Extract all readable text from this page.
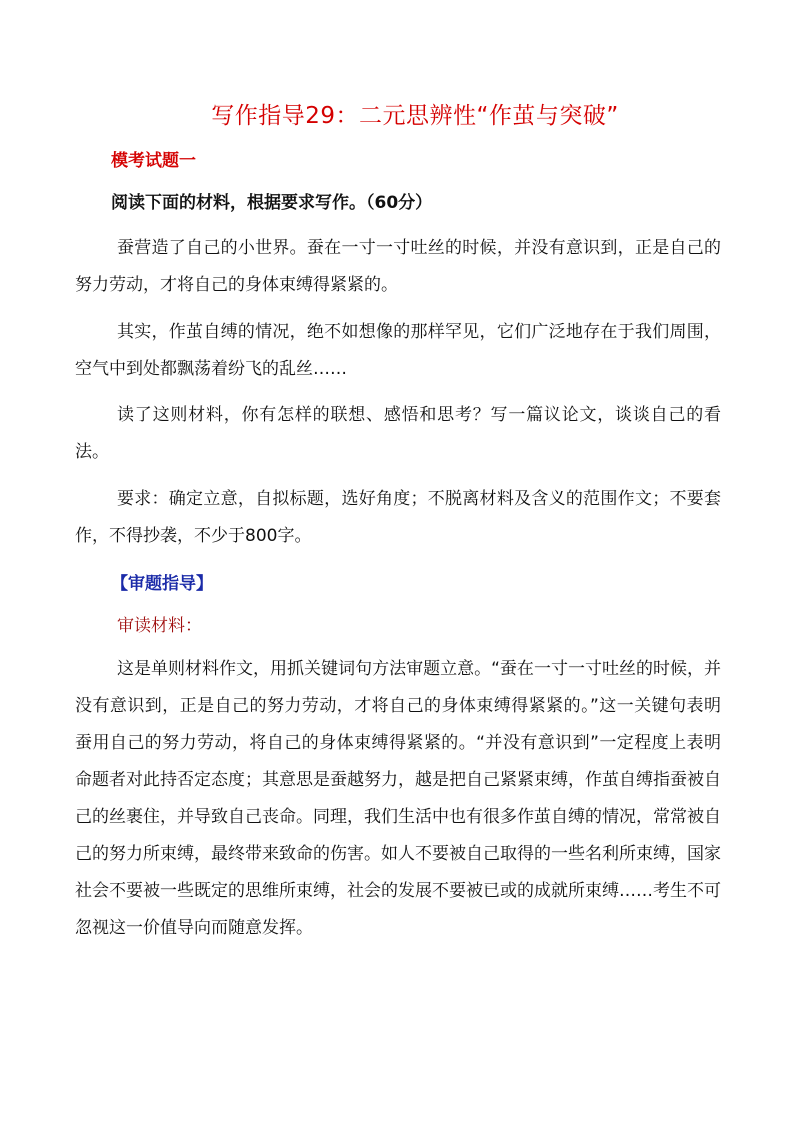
写作指导29：二元思辨性“作茧与突破”
模考试题一
阅读下面的材料，根据要求写作。（60分）
蚕营造了自己的小世界。蚕在一寸一寸吐丝的时候，并没有意识到，正是自己的努力劳动，才将自己的身体束缚得紧紧的。
其实，作茧自缚的情况，绝不如想像的那样罕见，它们广泛地存在于我们周围，空气中到处都飘荡着纷飞的乱丝……
读了这则材料，你有怎样的联想、感悟和思考？写一篇议论文，谈谈自己的看法。
要求：确定立意，自拟标题，选好角度；不脱离材料及含义的范围作文；不要套作，不得抄袭，不少于800字。
【审题指导】
审读材料：
这是单则材料作文，用抓关键词句方法审题立意。“蚕在一寸一寸吐丝的时候，并没有意识到，正是自己的努力劳动，才将自己的身体束缚得紧紧的。”这一关键句表明蚕用自己的努力劳动，将自己的身体束缚得紧紧的。“并没有意识到”一定程度上表明命题者对此持否定态度；其意思是蚕越努力，越是把自己紧紧束缚，作茧自缚指蚕被自己的丝裹住，并导致自己丧命。同理，我们生活中也有很多作茧自缚的情况，常常被自己的努力所束缚，最终带来致命的伤害。如人不要被自己取得的一些名利所束缚，国家社会不要被一些既定的思维所束缚，社会的发展不要被已或的成就所束缚……考生不可忽视这一价值导向而随意发挥。
